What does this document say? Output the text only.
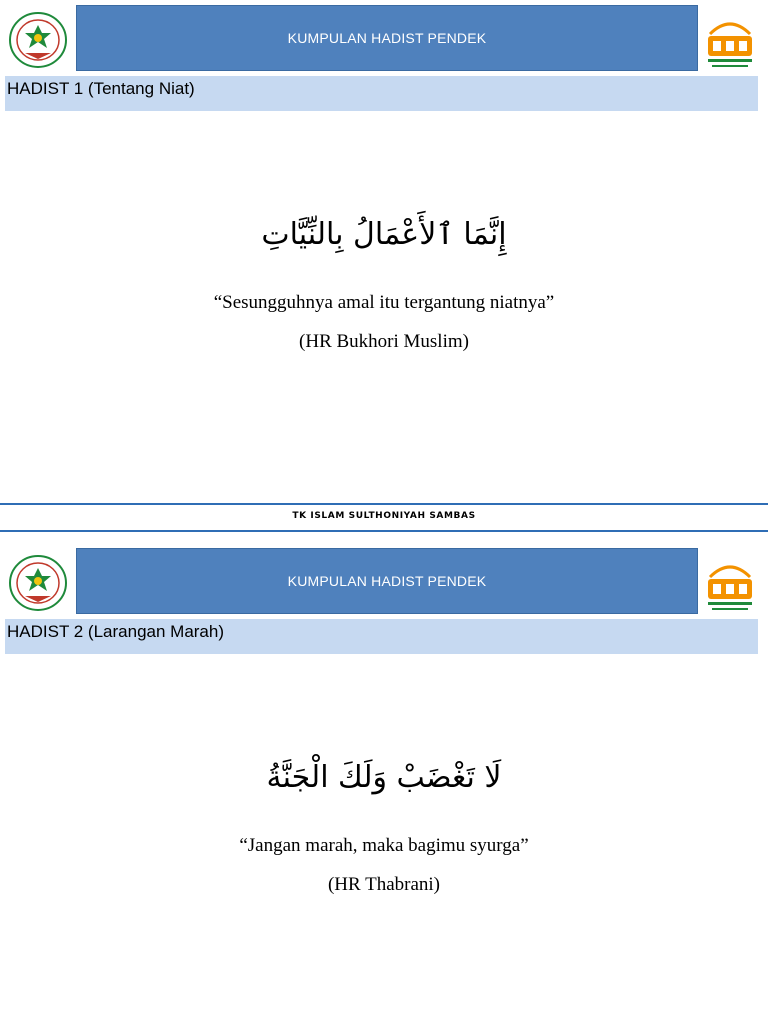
KUMPULAN HADIST PENDEK
HADIST 1 (Tentang Niat)
إِنَّمَا ٱلأَعْمَالُ بِالنِّيَّاتِ
“Sesungguhnya amal itu tergantung niatnya”
(HR Bukhori Muslim)
TK ISLAM SULTHONIYAH SAMBAS
KUMPULAN HADIST PENDEK
HADIST 2 (Larangan Marah)
لَا تَغْضَبْ وَلَكَ الْجَنَّةُ
“Jangan marah, maka bagimu syurga”
(HR Thabrani)
